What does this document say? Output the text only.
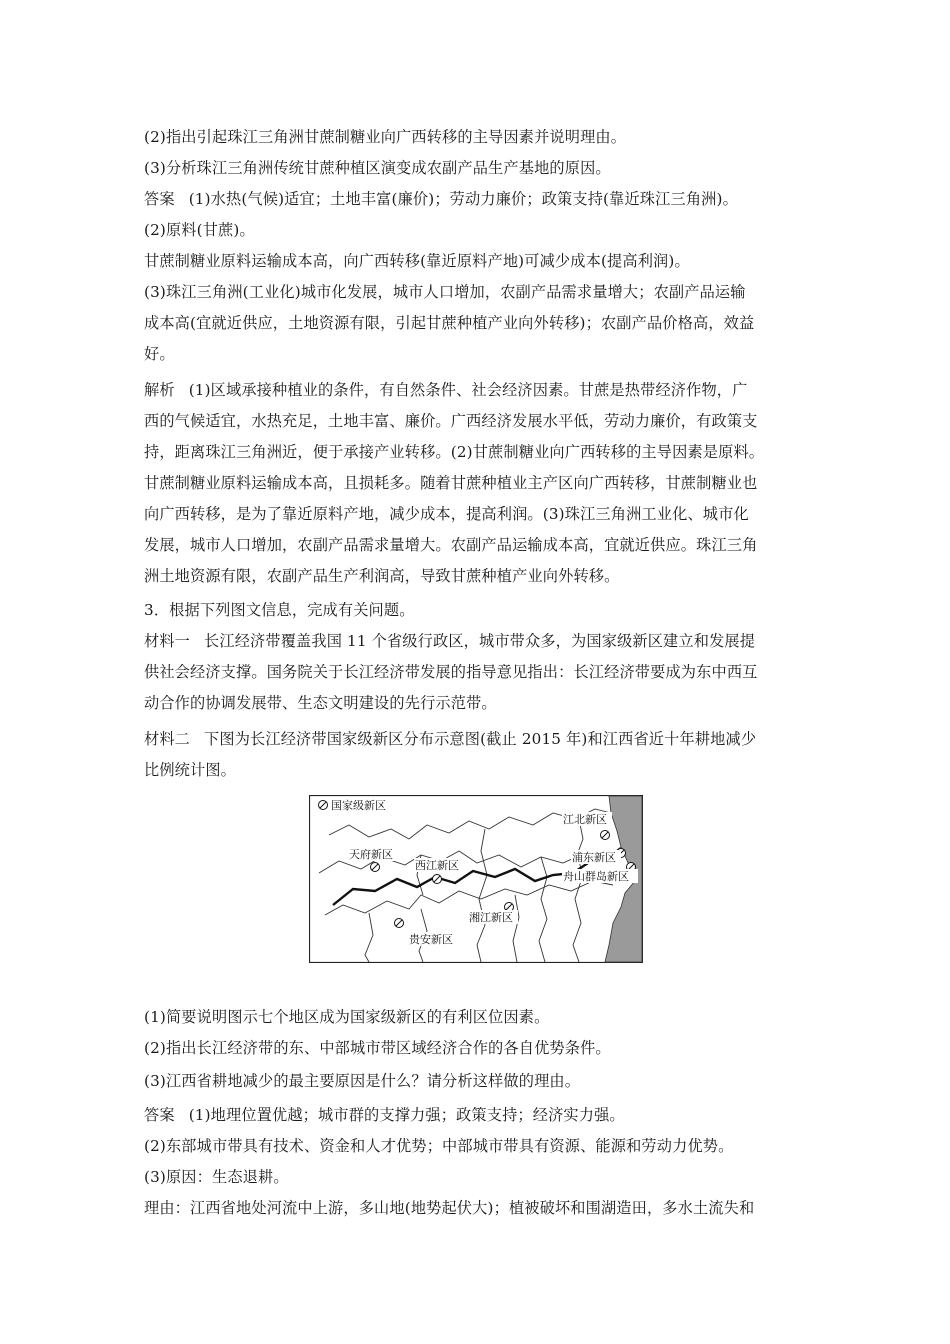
(2)指出引起珠江三角洲甘蔗制糖业向广西转移的主导因素并说明理由。
(3)分析珠江三角洲传统甘蔗种植区演变成农副产品生产基地的原因。
答案 (1)水热(气候)适宜；土地丰富(廉价)；劳动力廉价；政策支持(靠近珠江三角洲)。
(2)原料(甘蔗)。
甘蔗制糖业原料运输成本高，向广西转移(靠近原料产地)可减少成本(提高利润)。
(3)珠江三角洲(工业化)城市化发展，城市人口增加，农副产品需求量增大；农副产品运输
成本高(宜就近供应，土地资源有限，引起甘蔗种植产业向外转移)；农副产品价格高，效益
好。
解析 (1)区域承接种植业的条件，有自然条件、社会经济因素。甘蔗是热带经济作物，广
西的气候适宜，水热充足，土地丰富、廉价。广西经济发展水平低，劳动力廉价，有政策支
持，距离珠江三角洲近，便于承接产业转移。(2)甘蔗制糖业向广西转移的主导因素是原料。
甘蔗制糖业原料运输成本高，且损耗多。随着甘蔗种植业主产区向广西转移，甘蔗制糖业也
向广西转移，是为了靠近原料产地，减少成本，提高利润。(3)珠江三角洲工业化、城市化
发展，城市人口增加，农副产品需求量增大。农副产品运输成本高，宜就近供应。珠江三角
洲土地资源有限，农副产品生产利润高，导致甘蔗种植产业向外转移。
3．根据下列图文信息，完成有关问题。
材料一 长江经济带覆盖我国 11 个省级行政区，城市带众多，为国家级新区建立和发展提
供社会经济支撑。国务院关于长江经济带发展的指导意见指出：长江经济带要成为东中西互
动合作的协调发展带、生态文明建设的先行示范带。
材料二 下图为长江经济带国家级新区分布示意图(截止 2015 年)和江西省近十年耕地减少
比例统计图。
国家级新区
天府新区
西江新区
贵安新区
湘江新区
江北新区
浦东新区
舟山群岛新区
(1)简要说明图示七个地区成为国家级新区的有利区位因素。
(2)指出长江经济带的东、中部城市带区域经济合作的各自优势条件。
(3)江西省耕地减少的最主要原因是什么？请分析这样做的理由。
答案 (1)地理位置优越；城市群的支撑力强；政策支持；经济实力强。
(2)东部城市带具有技术、资金和人才优势；中部城市带具有资源、能源和劳动力优势。
(3)原因：生态退耕。
理由：江西省地处河流中上游，多山地(地势起伏大)；植被破坏和围湖造田，多水土流失和
